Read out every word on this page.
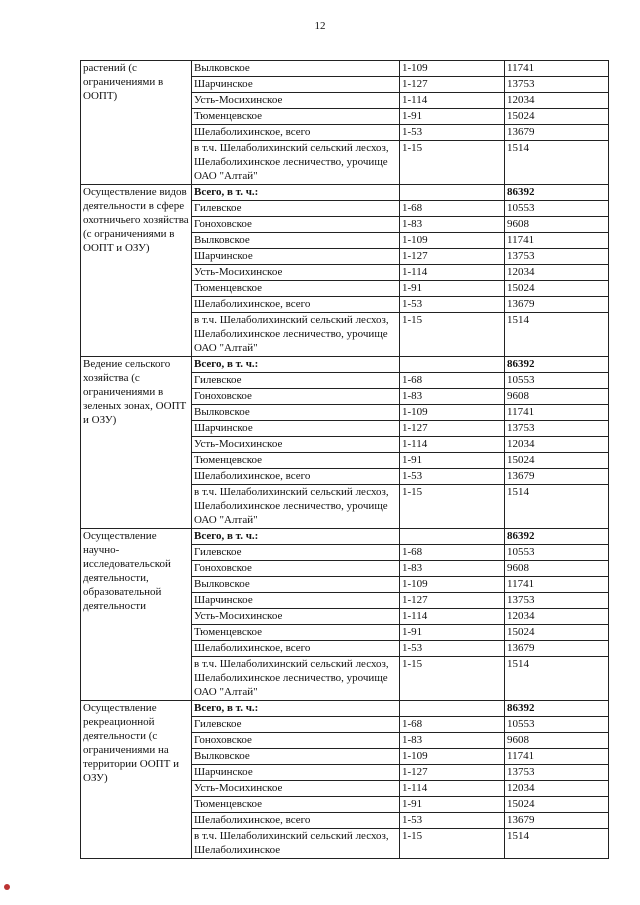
12
растений (с ограничениями в ООПТ)	Вылковское	1-109	11741
	Шарчинское	1-127	13753
	Усть-Мосихинское	1-114	12034
	Тюменцевское	1-91	15024
	Шелаболихинское, всего	1-53	13679
	в т.ч. Шелаболихинский сельский лесхоз, Шелаболихинское лесничество, урочище ОАО "Алтай"	1-15	1514
Осуществление видов деятельности в сфере охотничьего хозяйства (с ограничениями в ООПТ и ОЗУ)	Всего, в т. ч.:		86392
	Гилевское	1-68	10553
	Гоноховское	1-83	9608
	Вылковское	1-109	11741
	Шарчинское	1-127	13753
	Усть-Мосихинское	1-114	12034
	Тюменцевское	1-91	15024
	Шелаболихинское, всего	1-53	13679
	в т.ч. Шелаболихинский сельский лесхоз, Шелаболихинское лесничество, урочище ОАО "Алтай"	1-15	1514
Ведение сельского хозяйства (с ограничениями в зеленых зонах, ООПТ и ОЗУ)	Всего, в т. ч.:		86392
	Гилевское	1-68	10553
	Гоноховское	1-83	9608
	Вылковское	1-109	11741
	Шарчинское	1-127	13753
	Усть-Мосихинское	1-114	12034
	Тюменцевское	1-91	15024
	Шелаболихинское, всего	1-53	13679
	в т.ч. Шелаболихинский сельский лесхоз, Шелаболихинское лесничество, урочище ОАО "Алтай"	1-15	1514
Осуществление научно-исследовательской деятельности, образовательной деятельности	Всего, в т. ч.:		86392
	Гилевское	1-68	10553
	Гоноховское	1-83	9608
	Вылковское	1-109	11741
	Шарчинское	1-127	13753
	Усть-Мосихинское	1-114	12034
	Тюменцевское	1-91	15024
	Шелаболихинское, всего	1-53	13679
	в т.ч. Шелаболихинский сельский лесхоз, Шелаболихинское лесничество, урочище ОАО "Алтай"	1-15	1514
Осуществление рекреационной деятельности (с ограничениями на территории ООПТ и ОЗУ)	Всего, в т. ч.:		86392
	Гилевское	1-68	10553
	Гоноховское	1-83	9608
	Вылковское	1-109	11741
	Шарчинское	1-127	13753
	Усть-Мосихинское	1-114	12034
	Тюменцевское	1-91	15024
	Шелаболихинское, всего	1-53	13679
	в т.ч. Шелаболихинский сельский лесхоз, Шелаболихинское	1-15	1514
